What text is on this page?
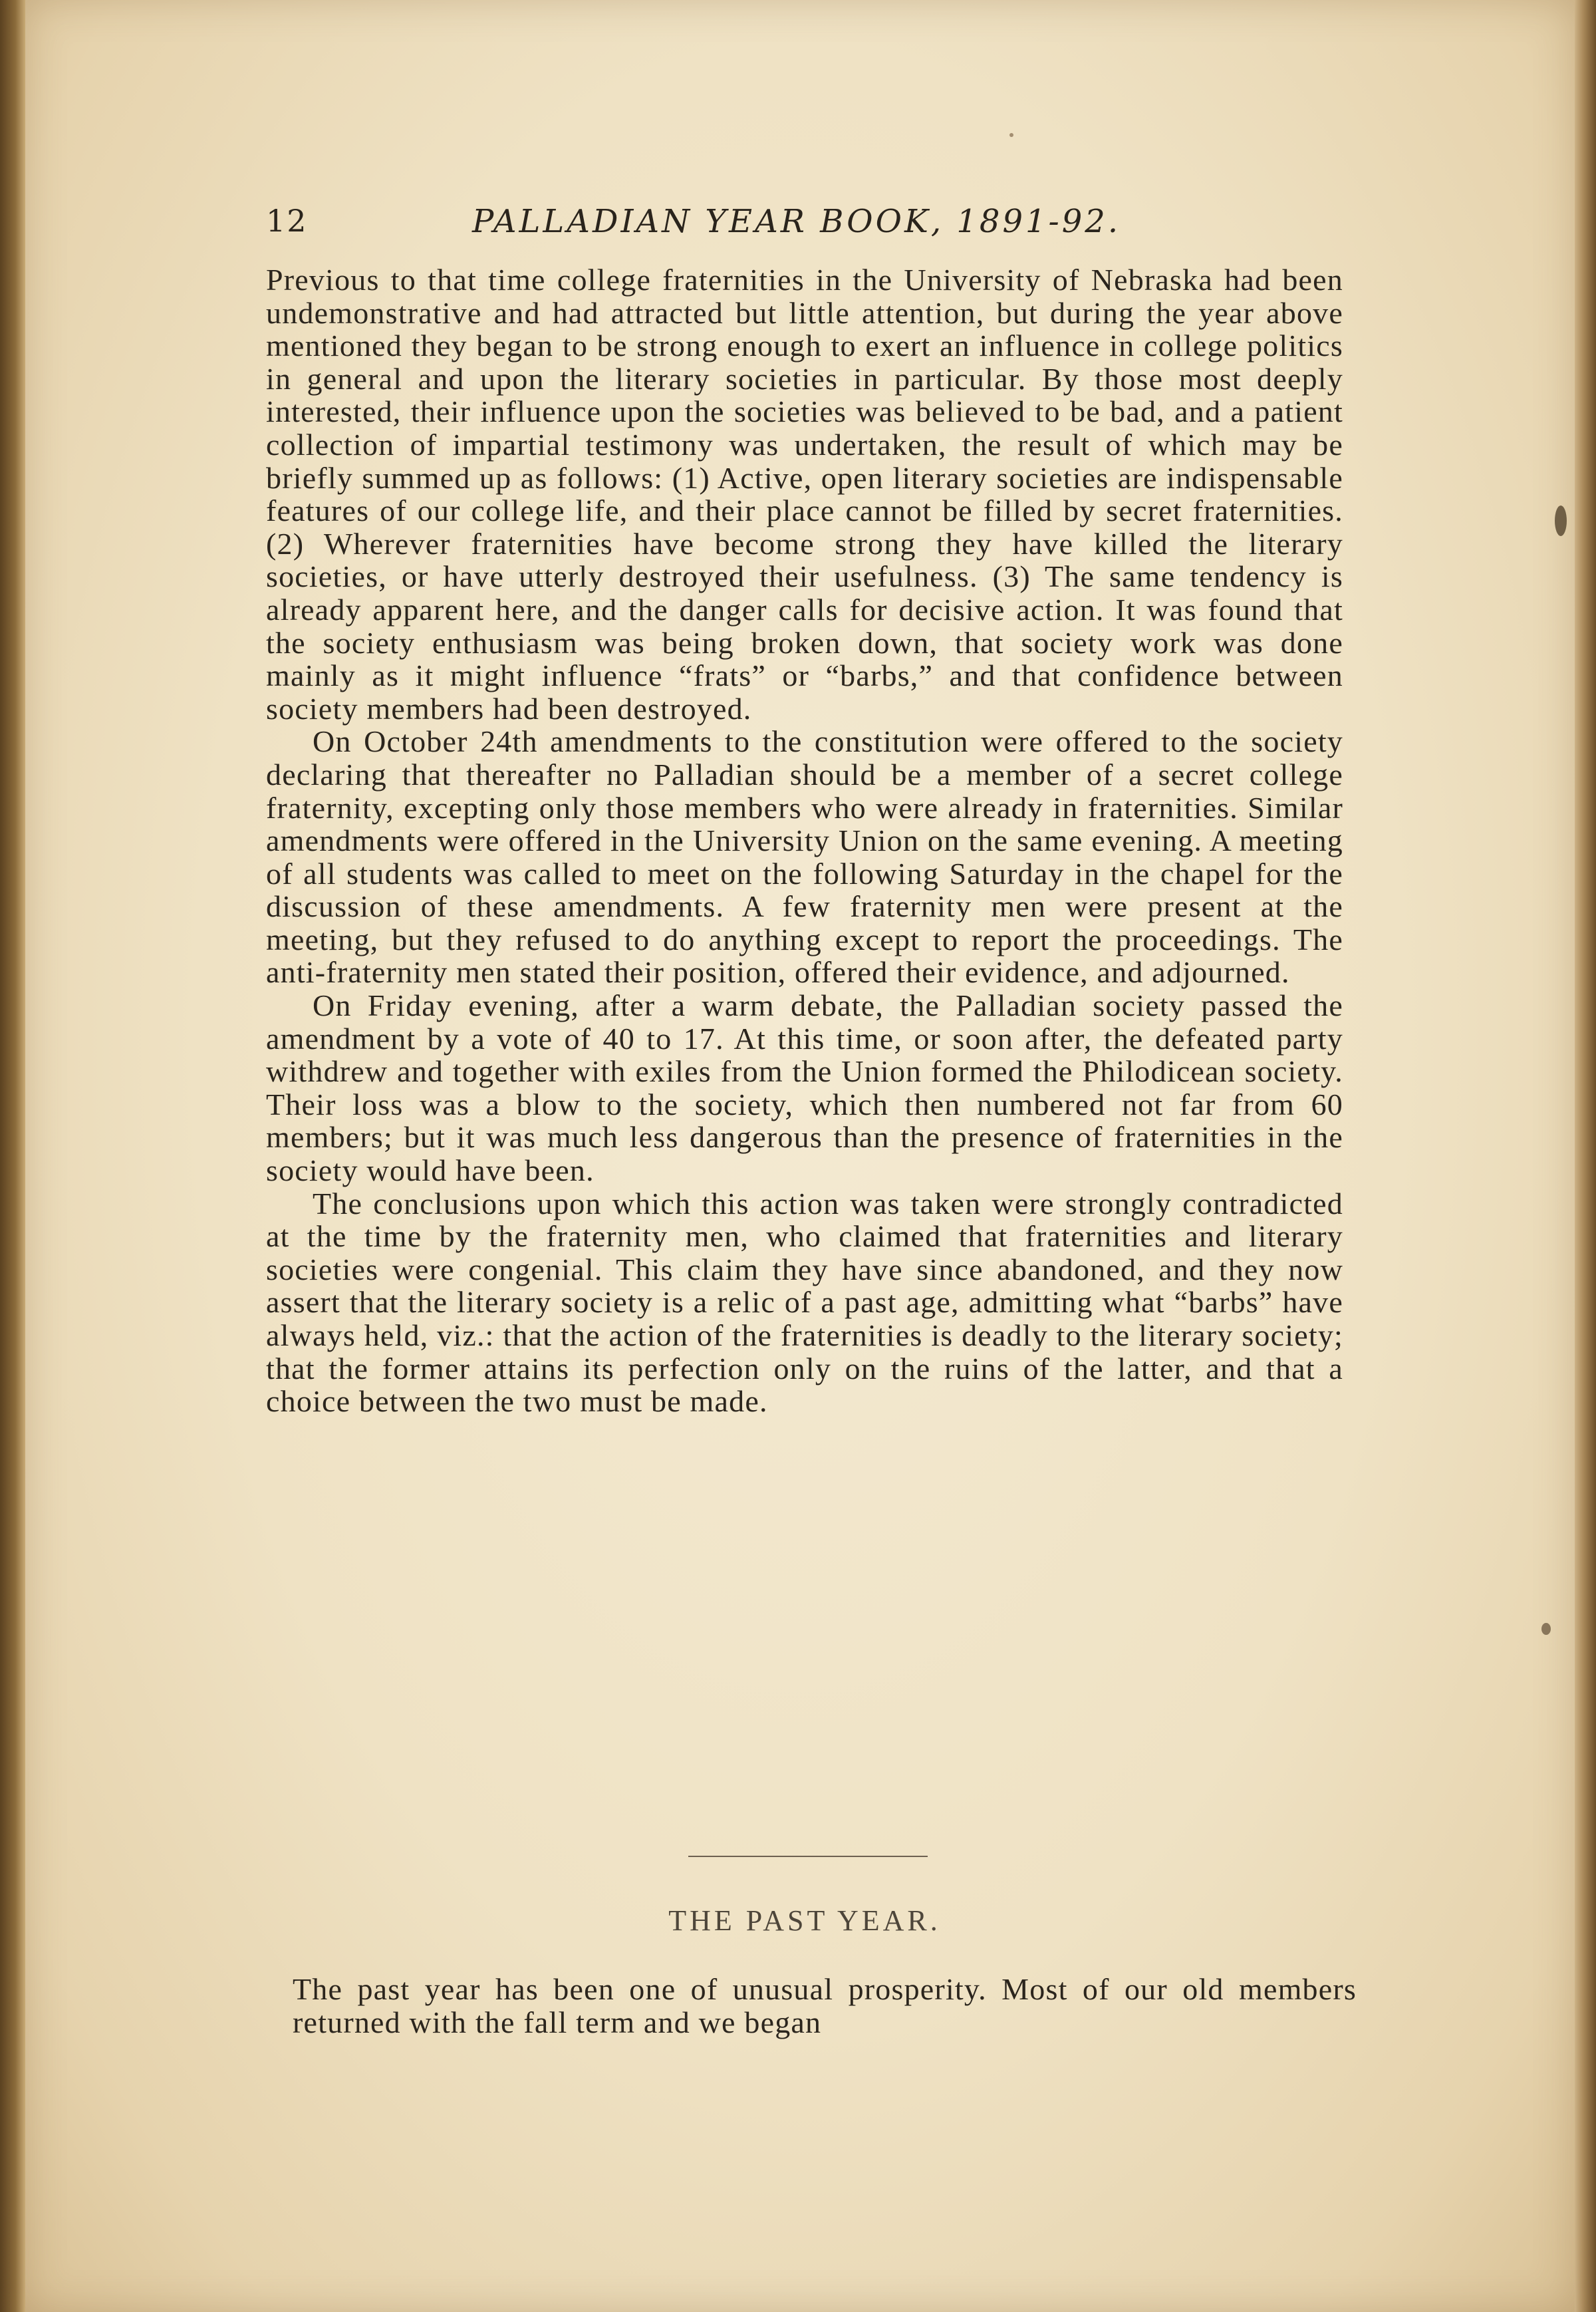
12	PALLADIAN YEAR BOOK, 1891-92.

Previous to that time college fraternities in the University of Nebraska had been undemonstrative and had attracted but little attention, but during the year above mentioned they began to be strong enough to exert an influence in college politics in general and upon the literary societies in particular. By those most deeply interested, their influence upon the societies was believed to be bad, and a patient collection of impartial testimony was undertaken, the result of which may be briefly summed up as follows: (1) Active, open literary societies are indispensable features of our college life, and their place cannot be filled by secret fraternities. (2) Wherever fraternities have become strong they have killed the literary societies, or have utterly destroyed their usefulness. (3) The same tendency is already apparent here, and the danger calls for decisive action. It was found that the society enthusiasm was being broken down, that society work was done mainly as it might influence “frats” or “barbs,” and that confidence between society members had been destroyed.

On October 24th amendments to the constitution were offered to the society declaring that thereafter no Palladian should be a member of a secret college fraternity, excepting only those members who were already in fraternities. Similar amendments were offered in the University Union on the same evening. A meeting of all students was called to meet on the following Saturday in the chapel for the discussion of these amendments. A few fraternity men were present at the meeting, but they refused to do anything except to report the proceedings. The anti-fraternity men stated their position, offered their evidence, and adjourned.

On Friday evening, after a warm debate, the Palladian society passed the amendment by a vote of 40 to 17. At this time, or soon after, the defeated party withdrew and together with exiles from the Union formed the Philodicean society. Their loss was a blow to the society, which then numbered not far from 60 members; but it was much less dangerous than the presence of fraternities in the society would have been.

The conclusions upon which this action was taken were strongly contradicted at the time by the fraternity men, who claimed that fraternities and literary societies were congenial. This claim they have since abandoned, and they now assert that the literary society is a relic of a past age, admitting what “barbs” have always held, viz.: that the action of the fraternities is deadly to the literary society; that the former attains its perfection only on the ruins of the latter, and that a choice between the two must be made.

THE PAST YEAR.

The past year has been one of unusual prosperity. Most of our old members returned with the fall term and we began
